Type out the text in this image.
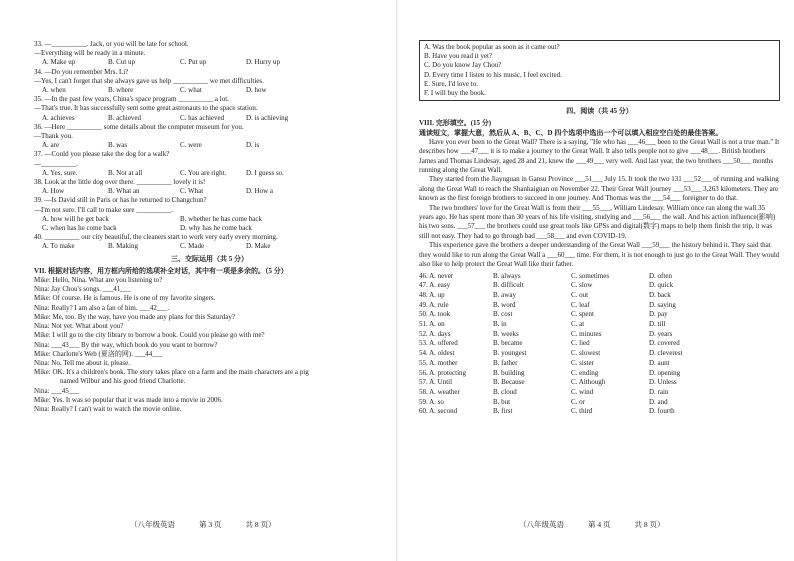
33. —__________. Jack, or you will be late for school.
—Everything will be ready in a minute.
A. Make up	B. Cut up	C. Put up	D. Hurry up
34. —Do you remember Mrs. Li?
—Yes, I can't forget that she always gave us help __________ we met difficulties.
A. when	B. where	C. what	D. how
35. —In the past few years, China's space program __________ a lot.
—That's true. It has successfully sent some great astronauts to the space station.
A. achieves	B. achieved	C. has achieved	D. is achieving
36. —Here __________ some details about the computer museum for you.
—Thank you.
A. are	B. was	C. were	D. is
37. —Could you please take the dog for a walk?
—__________.
A. Yes, sure.	B. Not at all	C. You are right.	D. I guess so.
38. Look at the little dog over there. __________ lovely it is!
A. How	B. What an	C. What	D. How a
39. —Is David still in Paris or has he returned to Changchun?
—I'm not sure. I'll call to make sure __________.
A. how will he get back	B. whether he has come back
C. when has he come back	D. why has he come back
40. __________ our city beautiful, the cleaners start to work very early every morning.
A. To make	B. Making	C. Made	D. Make
三、交际运用（共 5 分）
VII. 根据对话内容，用方框内所给的选项补全对话，其中有一项是多余的。（5 分）
Mike: Hello, Nina. What are you listening to?
Nina: Jay Chou's songs. ___41___
Mike: Of course. He is famous. He is one of my favorite singers.
Nina: Really? I am also a fan of him. ___42___.
Mike: Me, too. By the way, have you made any plans for this Saturday?
Nina: Not yet. What about you?
Mike: I will go to the city library to borrow a book. Could you please go with me?
Nina: ___43___ By the way, which book do you want to borrow?
Mike: Charlotte's Web (夏洛的网). ___44___
Nina: No. Tell me about it, please.
Mike: OK. It's a children's book. The story takes place on a farm and the main characters are a pig
named Wilbur and his good friend Charlotte.
Nina: ___45___
Mike: Yes. It was so popular that it was made into a movie in 2006.
Nina: Really? I can't wait to watch the movie online.
（八年级英语	第 3 页	共 8 页）
A. Was the book popular as soon as it came out?
B. Have you read it yet?
C. Do you know Jay Chou?
D. Every time I listen to his music, I feel excited.
E. Sure, I'd love to.
F. I will buy the book.
四、阅读（共 45 分）
VIII. 完形填空。(15 分)
通读短文，掌握大意，然后从 A、B、C、D 四个选项中选出一个可以填入相应空白处的最佳答案。
Have you ever been to the Great Wall? There is a saying, "He who has ___46___ been to the Great Wall is not a true man." It describes how ___47___ it is to make a journey to the Great Wall. It also tells people not to give ___48___. British brothers James and Thomas Lindesay, aged 28 and 21, knew the ___49___ very well. And last year, the two brothers ___50___ months running along the Great Wall.
They started from the Jiayuguan in Gansu Province ___51___ July 15. It took the two 131 ___52___ of running and walking along the Great Wall to reach the Shanhaiguan on November 22. Their Great Wall journey ___53___ 3,263 kilometers. They are known as the first foreign brothers to succeed in one journey. And Thomas was the ___54___ foreigner to do that.
The two brothers' love for the Great Wall is from their ___55___, William Lindesay. William once ran along the wall 35 years ago. He has spent more than 30 years of his life visiting, studying and ___56___ the wall. And his action influence(影响) his two sons. ___57___ the brothers could use great tools like GPSs and digital(数字) maps to help them finish the trip, it was still not easy. They had to go through bad ___58___ and even COVID-19.
This experience gave the brothers a deeper understanding of the Great Wall ___59___ the history behind it. They said that they would like to run along the Great Wall a ___60___ time. For them, it is not enough to just go to the Great Wall. They would also like to help protect the Great Wall like their father.
46. A. never	B. always	C. sometimes	D. often
47. A. easy	B. difficult	C. slow	D. quick
48. A. up	B. away	C. out	D. back
49. A. rule	B. word	C. leaf	D. saying
50. A. took	B. cost	C. spent	D. pay
51. A. on	B. in	C. at	D. till
52. A. days	B. weeks	C. minutes	D. years
53. A. offered	B. became	C. lied	D. covered
54. A. oldest	B. youngest	C. slowest	D. cleverest
55. A. mother	B. father	C. sister	D. aunt
56. A. protecting	B. building	C. ending	D. opening
57. A. Until	B. Because	C. Although	D. Unless
58. A. weather	B. cloud	C. wind	D. rain
59. A. so	B. but	C. or	D. and
60. A. second	B. first	C. third	D. fourth
（八年级英语	第 4 页	共 8 页）
